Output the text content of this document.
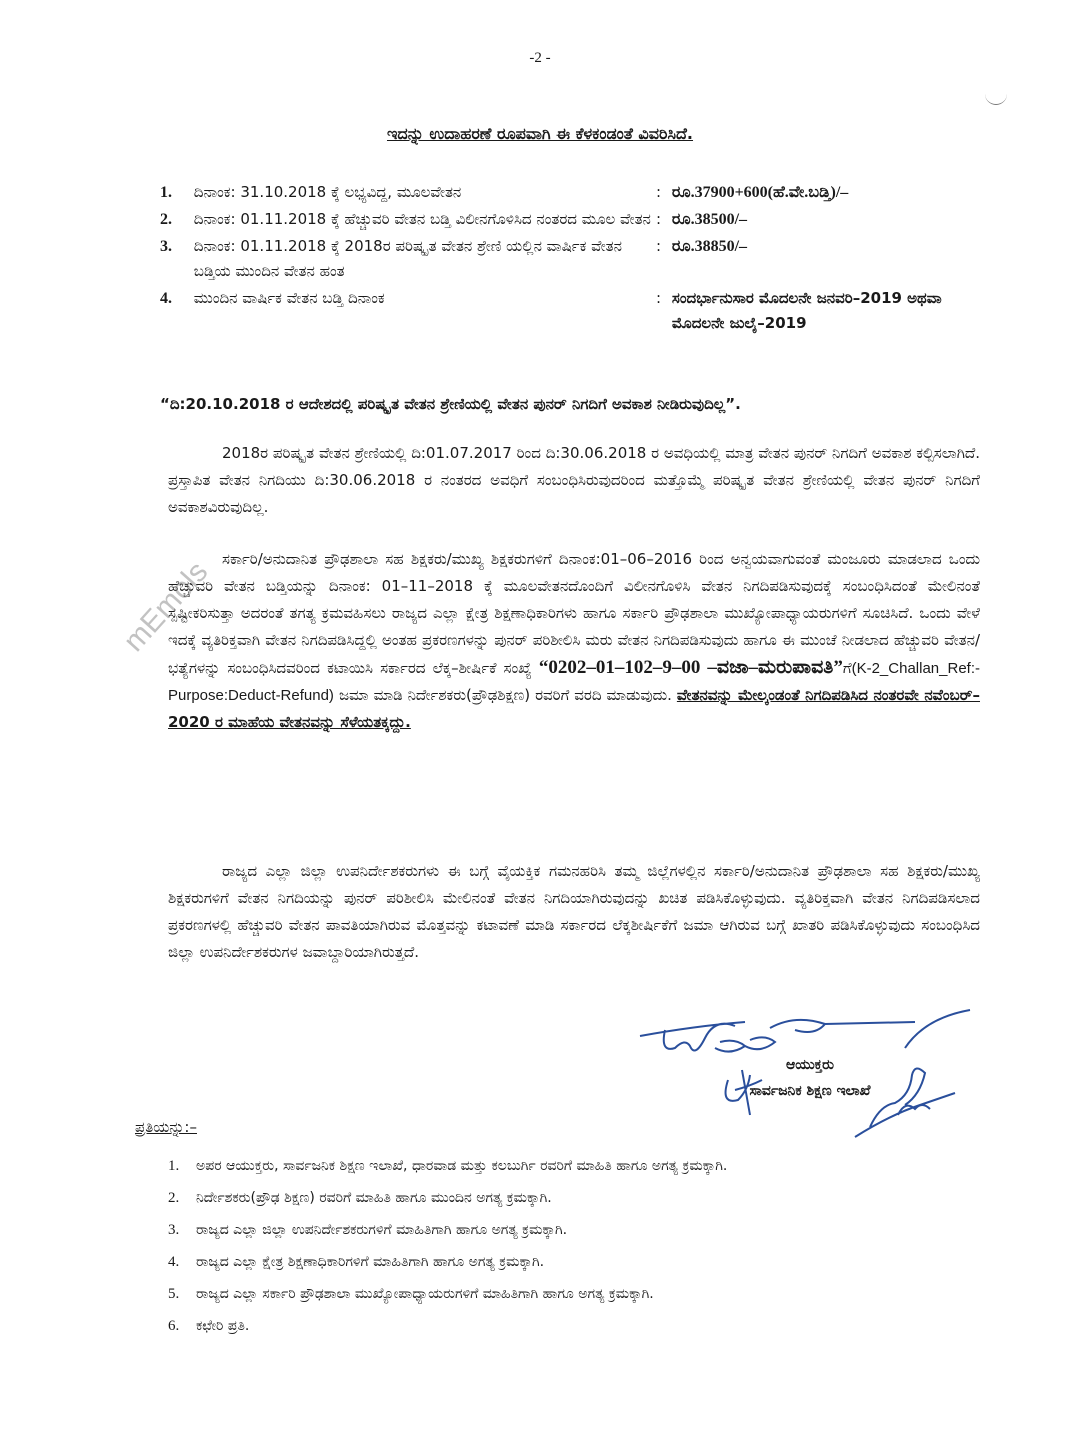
-2 -
ಇದನ್ನು ಉದಾಹರಣೆ ರೂಪವಾಗಿ ಈ ಕೆಳಕಂಡಂತೆ ವಿವರಿಸಿದೆ.
1.	ದಿನಾಂಕ: 31.10.2018 ಕ್ಕೆ ಲಭ್ಯವಿದ್ದ, ಮೂಲವೇತನ	: ರೂ.37900+600(ಹೆ.ವೇ.ಬಡ್ತಿ)/–
2.	ದಿನಾಂಕ: 01.11.2018 ಕ್ಕೆ ಹೆಚ್ಚುವರಿ ವೇತನ ಬಡ್ತಿ ವಿಲೀನಗೊಳಿಸಿದ ನಂತರದ ಮೂಲ ವೇತನ : ರೂ.38500/–
3.	ದಿನಾಂಕ: 01.11.2018 ಕ್ಕೆ 2018ರ ಪರಿಷ್ಕೃತ ವೇತನ ಶ್ರೇಣಿ ಯಲ್ಲಿನ ವಾರ್ಷಿಕ ವೇತನ ಬಡ್ತಿಯ ಮುಂದಿನ ವೇತನ ಹಂತ
: ರೂ.38850/–
4.	ಮುಂದಿನ ವಾರ್ಷಿಕ ವೇತನ ಬಡ್ತಿ ದಿನಾಂಕ	: ಸಂದರ್ಭಾನುಸಾರ ಮೊದಲನೇ ಜನವರಿ–2019 ಅಥವಾ ಮೊದಲನೇ ಜುಲೈ–2019
“ದಿ:20.10.2018 ರ ಆದೇಶದಲ್ಲಿ ಪರಿಷ್ಕೃತ ವೇತನ ಶ್ರೇಣಿಯಲ್ಲಿ ವೇತನ ಪುನರ್ ನಿಗದಿಗೆ ಅವಕಾಶ ನೀಡಿರುವುದಿಲ್ಲ”.
2018ರ ಪರಿಷ್ಕೃತ ವೇತನ ಶ್ರೇಣಿಯಲ್ಲಿ ದಿ:01.07.2017 ರಿಂದ ದಿ:30.06.2018 ರ ಅವಧಿಯಲ್ಲಿ ಮಾತ್ರ ವೇತನ ಪುನರ್ ನಿಗದಿಗೆ ಅವಕಾಶ ಕಲ್ಪಿಸಲಾಗಿದೆ. ಪ್ರಸ್ತಾಪಿತ ವೇತನ ನಿಗದಿಯು ದಿ:30.06.2018 ರ ನಂತರದ ಅವಧಿಗೆ ಸಂಬಂಧಿಸಿರುವುದರಿಂದ ಮತ್ತೊಮ್ಮೆ ಪರಿಷ್ಕೃತ ವೇತನ ಶ್ರೇಣಿಯಲ್ಲಿ ವೇತನ ಪುನರ್ ನಿಗದಿಗೆ ಅವಕಾಶವಿರುವುದಿಲ್ಲ.
ಸರ್ಕಾರಿ/ಅನುದಾನಿತ ಪ್ರೌಢಶಾಲಾ ಸಹ ಶಿಕ್ಷಕರು/ಮುಖ್ಯ ಶಿಕ್ಷಕರುಗಳಿಗೆ ದಿನಾಂಕ:01–06–2016 ರಿಂದ ಅನ್ವಯವಾಗುವಂತೆ ಮಂಜೂರು ಮಾಡಲಾದ ಒಂದು ಹೆಚ್ಚುವರಿ ವೇತನ ಬಡ್ತಿಯನ್ನು ದಿನಾಂಕ: 01–11–2018 ಕ್ಕೆ ಮೂಲವೇತನದೊಂದಿಗೆ ವಿಲೀನಗೊಳಿಸಿ ವೇತನ ನಿಗದಿಪಡಿಸುವುದಕ್ಕೆ ಸಂಬಂಧಿಸಿದಂತೆ ಮೇಲಿನಂತೆ ಸ್ಪಷ್ಟೀಕರಿಸುತ್ತಾ ಅದರಂತೆ ತಗತ್ಯ ಕ್ರಮವಹಿಸಲು ರಾಜ್ಯದ ಎಲ್ಲಾ ಕ್ಷೇತ್ರ ಶಿಕ್ಷಣಾಧಿಕಾರಿಗಳು ಹಾಗೂ ಸರ್ಕಾರಿ ಪ್ರೌಢಶಾಲಾ ಮುಖ್ಯೋಪಾಧ್ಯಾಯರುಗಳಿಗೆ ಸೂಚಿಸಿದೆ. ಒಂದು ವೇಳೆ ಇದಕ್ಕೆ ವ್ಯತಿರಿಕ್ತವಾಗಿ ವೇತನ ನಿಗದಿಪಡಿಸಿದ್ದಲ್ಲಿ ಅಂತಹ ಪ್ರಕರಣಗಳನ್ನು ಪುನರ್ ಪರಿಶೀಲಿಸಿ ಮರು ವೇತನ ನಿಗದಿಪಡಿಸುವುದು ಹಾಗೂ ಈ ಮುಂಚೆ ನೀಡಲಾದ ಹೆಚ್ಚುವರಿ ವೇತನ/ ಭತ್ಯೆಗಳನ್ನು ಸಂಬಂಧಿಸಿದವರಿಂದ ಕಟಾಯಿಸಿ ಸರ್ಕಾರದ ಲೆಕ್ಕ–ಶೀರ್ಷಿಕೆ ಸಂಖ್ಯೆ “0202–01–102–9–00 –ವಜಾ–ಮರುಪಾವತಿ”ಗೆ(K-2_Challan_Ref:-Purpose:Deduct-Refund) ಜಮಾ ಮಾಡಿ ನಿರ್ದೇಶಕರು(ಪ್ರೌಢಶಿಕ್ಷಣ) ರವರಿಗೆ ವರದಿ ಮಾಡುವುದು. ವೇತನವನ್ನು ಮೇಲ್ಕಂಡಂತೆ ನಿಗದಿಪಡಿಸಿದ ನಂತರವೇ ನವೆಂಬರ್–2020 ರ ಮಾಹೆಯ ವೇತನವನ್ನು ಸೆಳೆಯತಕ್ಕದ್ದು.
ರಾಜ್ಯದ ಎಲ್ಲಾ ಜಿಲ್ಲಾ ಉಪನಿರ್ದೇಶಕರುಗಳು ಈ ಬಗ್ಗೆ ವೈಯಕ್ತಿಕ ಗಮನಹರಿಸಿ ತಮ್ಮ ಜಿಲ್ಲೆಗಳಲ್ಲಿನ ಸರ್ಕಾರಿ/ಅನುದಾನಿತ ಪ್ರೌಢಶಾಲಾ ಸಹ ಶಿಕ್ಷಕರು/ಮುಖ್ಯ ಶಿಕ್ಷಕರುಗಳಿಗೆ ವೇತನ ನಿಗದಿಯನ್ನು ಪುನರ್ ಪರಿಶೀಲಿಸಿ ಮೇಲಿನಂತೆ ವೇತನ ನಿಗದಿಯಾಗಿರುವುದನ್ನು ಖಚಿತ ಪಡಿಸಿಕೊಳ್ಳುವುದು. ವ್ಯತಿರಿಕ್ತವಾಗಿ ವೇತನ ನಿಗದಿಪಡಿಸಲಾದ ಪ್ರಕರಣಗಳಲ್ಲಿ ಹೆಚ್ಚುವರಿ ವೇತನ ಪಾವತಿಯಾಗಿರುವ ಮೊತ್ತವನ್ನು ಕಟಾವಣೆ ಮಾಡಿ ಸರ್ಕಾರದ ಲೆಕ್ಕಶೀರ್ಷಿಕೆಗೆ ಜಮಾ ಆಗಿರುವ ಬಗ್ಗೆ ಖಾತರಿ ಪಡಿಸಿಕೊಳ್ಳುವುದು ಸಂಬಂಧಿಸಿದ ಜಿಲ್ಲಾ ಉಪನಿರ್ದೇಶಕರುಗಳ ಜವಾಬ್ದಾರಿಯಾಗಿರುತ್ತದೆ.
mEmols
ಆಯುಕ್ತರು
ಸಾರ್ವಜನಿಕ ಶಿಕ್ಷಣ ಇಲಾಖೆ
ಪ್ರತಿಯನ್ನು:–
1.	ಅಪರ ಆಯುಕ್ತರು, ಸಾರ್ವಜನಿಕ ಶಿಕ್ಷಣ ಇಲಾಖೆ, ಧಾರವಾಡ ಮತ್ತು ಕಲಬುರ್ಗಿ ರವರಿಗೆ ಮಾಹಿತಿ ಹಾಗೂ ಅಗತ್ಯ ಕ್ರಮಕ್ಕಾಗಿ.
2.	ನಿರ್ದೇಶಕರು(ಪ್ರೌಢ ಶಿಕ್ಷಣ) ರವರಿಗೆ ಮಾಹಿತಿ ಹಾಗೂ ಮುಂದಿನ ಅಗತ್ಯ ಕ್ರಮಕ್ಕಾಗಿ.
3.	ರಾಜ್ಯದ ಎಲ್ಲಾ ಜಿಲ್ಲಾ ಉಪನಿರ್ದೇಶಕರುಗಳಿಗೆ ಮಾಹಿತಿಗಾಗಿ ಹಾಗೂ ಅಗತ್ಯ ಕ್ರಮಕ್ಕಾಗಿ.
4.	ರಾಜ್ಯದ ಎಲ್ಲಾ ಕ್ಷೇತ್ರ ಶಿಕ್ಷಣಾಧಿಕಾರಿಗಳಿಗೆ ಮಾಹಿತಿಗಾಗಿ ಹಾಗೂ ಅಗತ್ಯ ಕ್ರಮಕ್ಕಾಗಿ.
5.	ರಾಜ್ಯದ ಎಲ್ಲಾ ಸರ್ಕಾರಿ ಪ್ರೌಢಶಾಲಾ ಮುಖ್ಯೋಪಾಧ್ಯಾಯರುಗಳಿಗೆ ಮಾಹಿತಿಗಾಗಿ ಹಾಗೂ ಅಗತ್ಯ ಕ್ರಮಕ್ಕಾಗಿ.
6.	ಕಛೇರಿ ಪ್ರತಿ.
